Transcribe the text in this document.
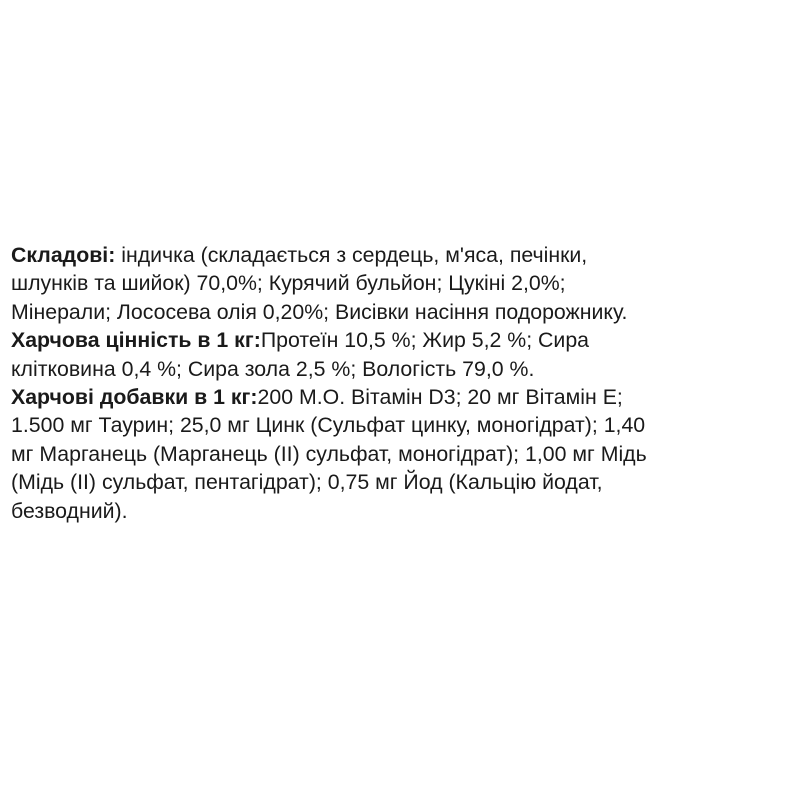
Складові: індичка (складається з сердець, м'яса, печінки,
шлунків та шийок) 70,0%; Курячий бульйон; Цукіні 2,0%;
Мінерали; Лососева олія 0,20%; Висівки насіння подорожнику.
Харчова цінність в 1 кг:Протеїн 10,5 %; Жир 5,2 %; Сира
клітковина 0,4 %; Сира зола 2,5 %; Вологість 79,0 %.
Харчові добавки в 1 кг:200 М.О. Вітамін D3; 20 мг Вітамін Е;
1.500 мг Таурин; 25,0 мг Цинк (Сульфат цинку, моногідрат); 1,40
мг Марганець (Марганець (II) сульфат, моногідрат); 1,00 мг Мідь
(Мідь (II) сульфат, пентагідрат); 0,75 мг Йод (Кальцію йодат,
безводний).
